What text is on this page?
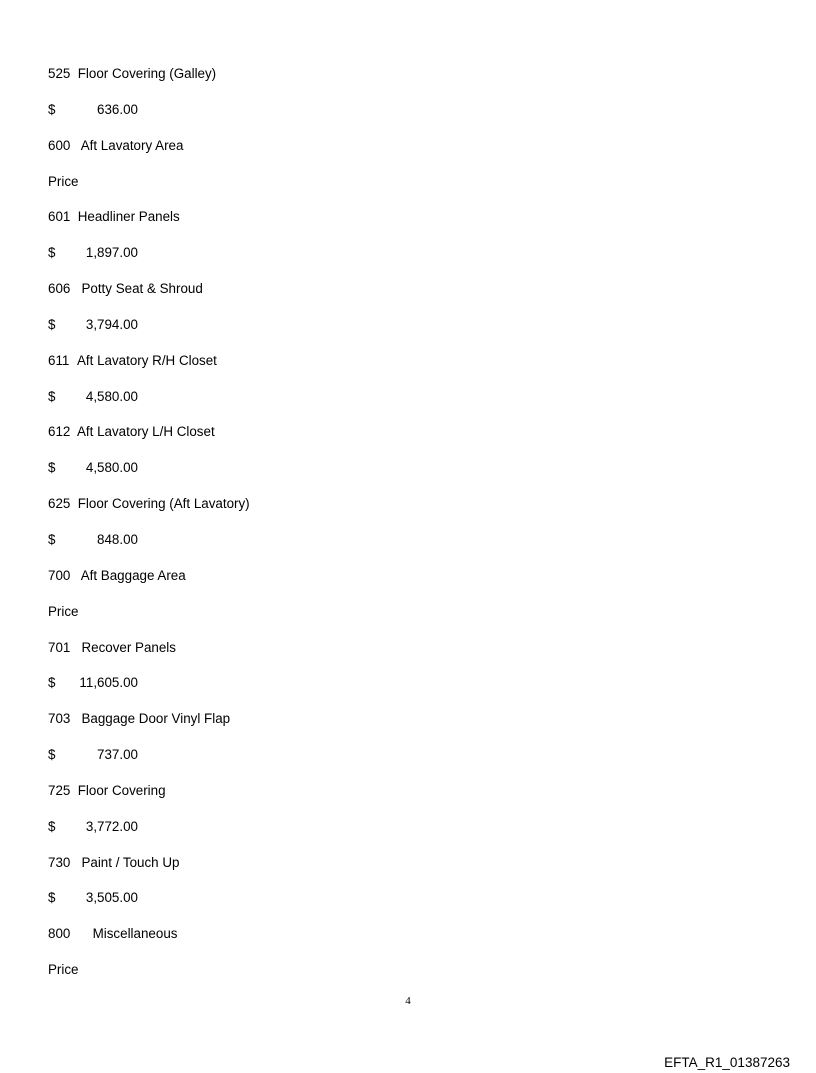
525 Floor Covering (Galley)
$	636.00
600 Aft Lavatory Area
Price
601 Headliner Panels
$ 1,897.00
606 Potty Seat & Shroud
$ 3,794.00
611 Aft Lavatory R/H Closet
$ 4,580.00
612 Aft Lavatory L/H Closet
$ 4,580.00
625 Floor Covering (Aft Lavatory)
$	848.00
700 Aft Baggage Area
Price
701 Recover Panels
$ 11,605.00
703 Baggage Door Vinyl Flap
$	737.00
725 Floor Covering
$ 3,772.00
730 Paint / Touch Up
$ 3,505.00
800 Miscellaneous
Price
4
EFTA_R1_01387263
